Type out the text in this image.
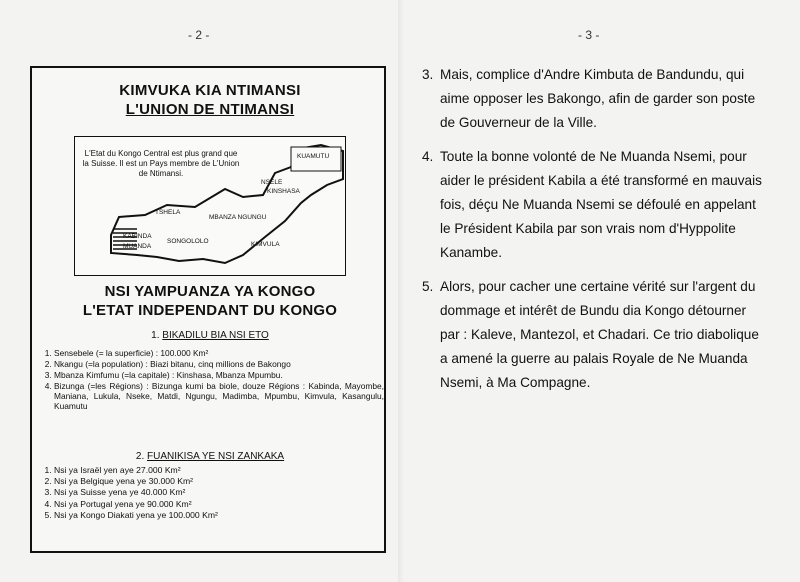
- 2 -	- 3 -
KIMVUKA KIA NTIMANSI
L'UNION DE NTIMANSI
L'Etat du Kongo Central est plus grand que la Suisse. Il est un Pays membre de L'Union de Ntimansi.
KUAMUTU
NSELE
KINSHASA
TSHELA
MBANZA NGUNGU
KABINDA
MUANDA
SONGOLOLO	KIMVULA
NSI YAMPUANZA YA KONGO
L'ETAT INDEPENDANT DU KONGO
1. BIKADILU BIA NSI ETO
1. Sensebele (= la superficie) : 100.000 Km²
2. Nkangu (=la population) : Biazi bitanu, cinq millions de Bakongo
3. Mbanza Kimfumu (=la capitale) : Kinshasa, Mbanza Mpumbu.
4. Bizunga (=les Régions) : Bizunga kumi ba biole, douze Régions : Kabinda, Mayombe, Maniana, Lukula, Nseke, Matdi, Ngungu, Madimba, Mpumbu, Kimvula, Kasangulu, Kuamutu
2. FUANIKISA YE NSI ZANKAKA
1. Nsi ya Israël yen aye 27.000 Km²
2. Nsi ya Belgique yena ye 30.000 Km²
3. Nsi ya Suisse yena ye 40.000 Km²
4. Nsi ya Portugal yena ye 90.000 Km²
5. Nsi ya Kongo Diakati yena ye 100.000 Km²

3. Mais, complice d'Andre Kimbuta de Bandundu, qui aime opposer les Bakongo, afin de garder son poste de Gouverneur de la Ville.

4. Toute la bonne volonté de Ne Muanda Nsemi, pour aider le président Kabila a été transformé en mauvais fois, déçu Ne Muanda Nsemi se défoulé en appelant le Président Kabila par son vrais nom d'Hyppolite Kanambe.

5. Alors, pour cacher une certaine vérité sur l'argent du dommage et intérêt de Bundu dia Kongo détourner par : Kaleve, Mantezol, et Chadari. Ce trio diabolique a amené la guerre au palais Royale de Ne Muanda Nsemi, à Ma Compagne.
